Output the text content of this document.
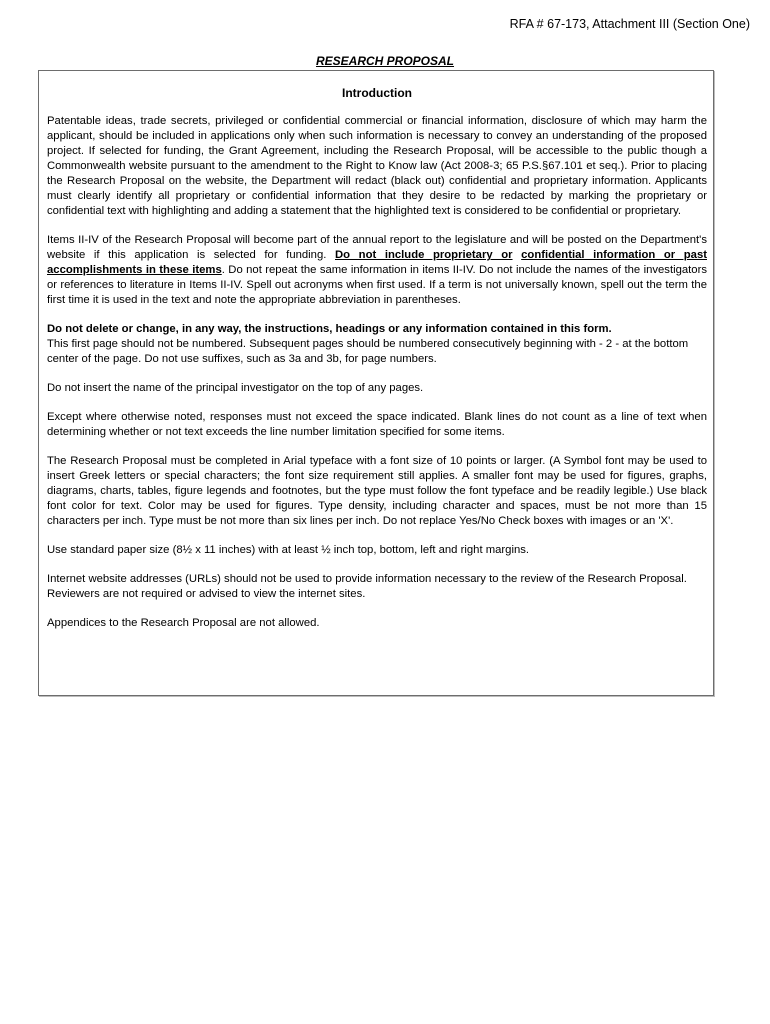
RFA # 67-173, Attachment III (Section One)
RESEARCH PROPOSAL
Introduction

Patentable ideas, trade secrets, privileged or confidential commercial or financial information, disclosure of which may harm the applicant, should be included in applications only when such information is necessary to convey an understanding of the proposed project. If selected for funding, the Grant Agreement, including the Research Proposal, will be accessible to the public though a Commonwealth website pursuant to the amendment to the Right to Know law (Act 2008-3; 65 P.S.§67.101 et seq.). Prior to placing the Research Proposal on the website, the Department will redact (black out) confidential and proprietary information. Applicants must clearly identify all proprietary or confidential information that they desire to be redacted by marking the proprietary or confidential text with highlighting and adding a statement that the highlighted text is considered to be confidential or proprietary.

Items II-IV of the Research Proposal will become part of the annual report to the legislature and will be posted on the Department's website if this application is selected for funding. Do not include proprietary or confidential information or past accomplishments in these items. Do not repeat the same information in items II-IV. Do not include the names of the investigators or references to literature in Items II-IV. Spell out acronyms when first used. If a term is not universally known, spell out the term the first time it is used in the text and note the appropriate abbreviation in parentheses.

Do not delete or change, in any way, the instructions, headings or any information contained in this form.
This first page should not be numbered. Subsequent pages should be numbered consecutively beginning with - 2 - at the bottom center of the page. Do not use suffixes, such as 3a and 3b, for page numbers.

Do not insert the name of the principal investigator on the top of any pages.

Except where otherwise noted, responses must not exceed the space indicated. Blank lines do not count as a line of text when determining whether or not text exceeds the line number limitation specified for some items.

The Research Proposal must be completed in Arial typeface with a font size of 10 points or larger. (A Symbol font may be used to insert Greek letters or special characters; the font size requirement still applies. A smaller font may be used for figures, graphs, diagrams, charts, tables, figure legends and footnotes, but the type must follow the font typeface and be readily legible.) Use black font color for text. Color may be used for figures. Type density, including character and spaces, must be not more than 15 characters per inch. Type must be not more than six lines per inch. Do not replace Yes/No Check boxes with images or an 'X'.

Use standard paper size (8½ x 11 inches) with at least ½ inch top, bottom, left and right margins.

Internet website addresses (URLs) should not be used to provide information necessary to the review of the Research Proposal. Reviewers are not required or advised to view the internet sites.

Appendices to the Research Proposal are not allowed.
